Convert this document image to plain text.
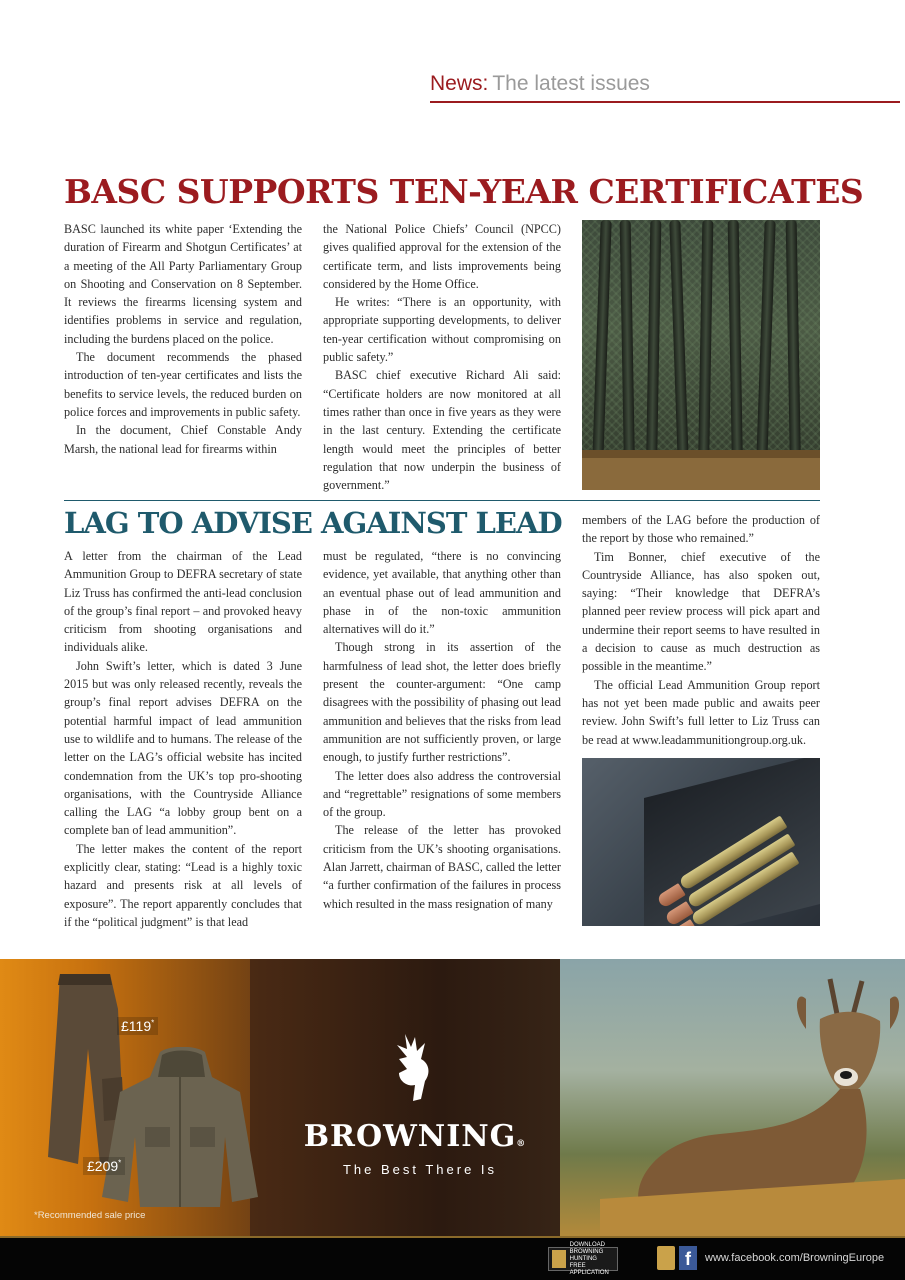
News: The latest issues
BASC SUPPORTS TEN-YEAR CERTIFICATES

BASC launched its white paper ‘Extending the duration of Firearm and Shotgun Certificates’ at a meeting of the All Party Parliamentary Group on Shooting and Conservation on 8 September. It reviews the firearms licensing system and identifies problems in service and regulation, including the burdens placed on the police.

The document recommends the phased introduction of ten-year certificates and lists the benefits to service levels, the reduced burden on police forces and improvements in public safety.

In the document, Chief Constable Andy Marsh, the national lead for firearms within

the National Police Chiefs’ Council (NPCC) gives qualified approval for the extension of the certificate term, and lists improvements being considered by the Home Office.

He writes: “There is an opportunity, with appropriate supporting developments, to deliver ten-year certification without compromising on public safety.”

BASC chief executive Richard Ali said: “Certificate holders are now monitored at all times rather than once in five years as they were in the last century. Extending the certificate length would meet the principles of better regulation that now underpin the business of government.”

LAG TO ADVISE AGAINST LEAD

A letter from the chairman of the Lead Ammunition Group to DEFRA secretary of state Liz Truss has confirmed the anti-lead conclusion of the group’s final report – and provoked heavy criticism from shooting organisations and individuals alike.

John Swift’s letter, which is dated 3 June 2015 but was only released recently, reveals the group’s final report advises DEFRA on the potential harmful impact of lead ammunition use to wildlife and to humans. The release of the letter on the LAG’s official website has incited condemnation from the UK’s top pro-shooting organisations, with the Countryside Alliance calling the LAG “a lobby group bent on a complete ban of lead ammunition”.

The letter makes the content of the report explicitly clear, stating: “Lead is a highly toxic hazard and presents risk at all levels of exposure”. The report apparently concludes that if the “political judgment” is that lead

must be regulated, “there is no convincing evidence, yet available, that anything other than an eventual phase out of lead ammunition and phase in of the non-toxic ammunition alternatives will do it.”

Though strong in its assertion of the harmfulness of lead shot, the letter does briefly present the counter-argument: “One camp disagrees with the possibility of phasing out lead ammunition and believes that the risks from lead ammunition are not sufficiently proven, or large enough, to justify further restrictions”.

The letter does also address the controversial and “regrettable” resignations of some members of the group.

The release of the letter has provoked criticism from the UK’s shooting organisations. Alan Jarrett, chairman of BASC, called the letter “a further confirmation of the failures in process which resulted in the mass resignation of many

members of the LAG before the production of the report by those who remained.”

Tim Bonner, chief executive of the Countryside Alliance, has also spoken out, saying: “Their knowledge that DEFRA’s planned peer review process will pick apart and undermine their report seems to have resulted in a decision to cause as much destruction as possible in the meantime.”

The official Lead Ammunition Group report has not yet been made public and awaits peer review. John Swift’s full letter to Liz Truss can be read at www.leadammunitiongroup.org.uk.

£119*
£209*
*Recommended sale price
BROWNING®
The Best There Is
DOWNLOAD
BROWNING HUNTING
FREE APPLICATION
f	www.facebook.com/BrowningEurope
